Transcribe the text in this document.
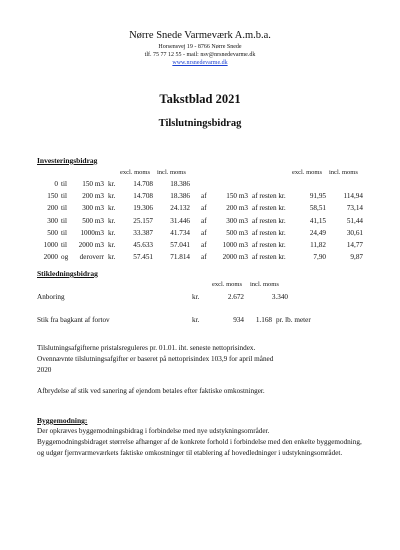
Nørre Snede Varmeværk A.m.b.a.
Horsensvej 19 - 8766 Nørre Snede
tlf. 75 77 12 55 - mail: nsv@nrsnedevarme.dk
www.nrsnedevarme.dk
Takstblad 2021
Tilslutningsbidrag
Investeringsbidrag
excl. moms incl. moms	excl. moms incl. moms
0 til	150 m3 kr.	14.708	18.386
150 til	200 m3 kr.	14.708	18.386 af	150 m3 af resten kr.	91,95	114,94
200 til	300 m3 kr.	19.306	24.132 af	200 m3 af resten kr.	58,51	73,14
300 til	500 m3 kr.	25.157	31.446 af	300 m3 af resten kr.	41,15	51,44
500 til	1000m3 kr.	33.387	41.734 af	500 m3 af resten kr.	24,49	30,61
1000 til	2000 m3 kr.	45.633	57.041 af	1000 m3 af resten kr.	11,82	14,77
2000 og	deroverr kr.	57.451	71.814 af	2000 m3 af resten kr.	7,90	9,87
Stikledningsbidrag
excl. moms incl. moms
Anboring	kr.	2.672	3.340
Stik fra bagkant af fortov	kr.	934	1.168 pr. lb. meter
Tilslutningsafgifterne pristalsreguleres pr. 01.01. iht. seneste nettoprisindex.
Ovennævnte tilslutningsafgifter er baseret på nettoprisindex 103,9 for april måned 2020
Afbrydelse af stik ved sanering af ejendom betales efter faktiske omkostninger.
Byggemodning:
Der opkræves byggemodningsbidrag i forbindelse med nye udstykningsområder.
Byggemodningsbidraget størrelse afhænger af de konkrete forhold i forbindelse med den enkelte byggemodning, og udgør fjernvarmeværkets faktiske omkostninger til etablering af hovedledninger i udstykningsområdet.
